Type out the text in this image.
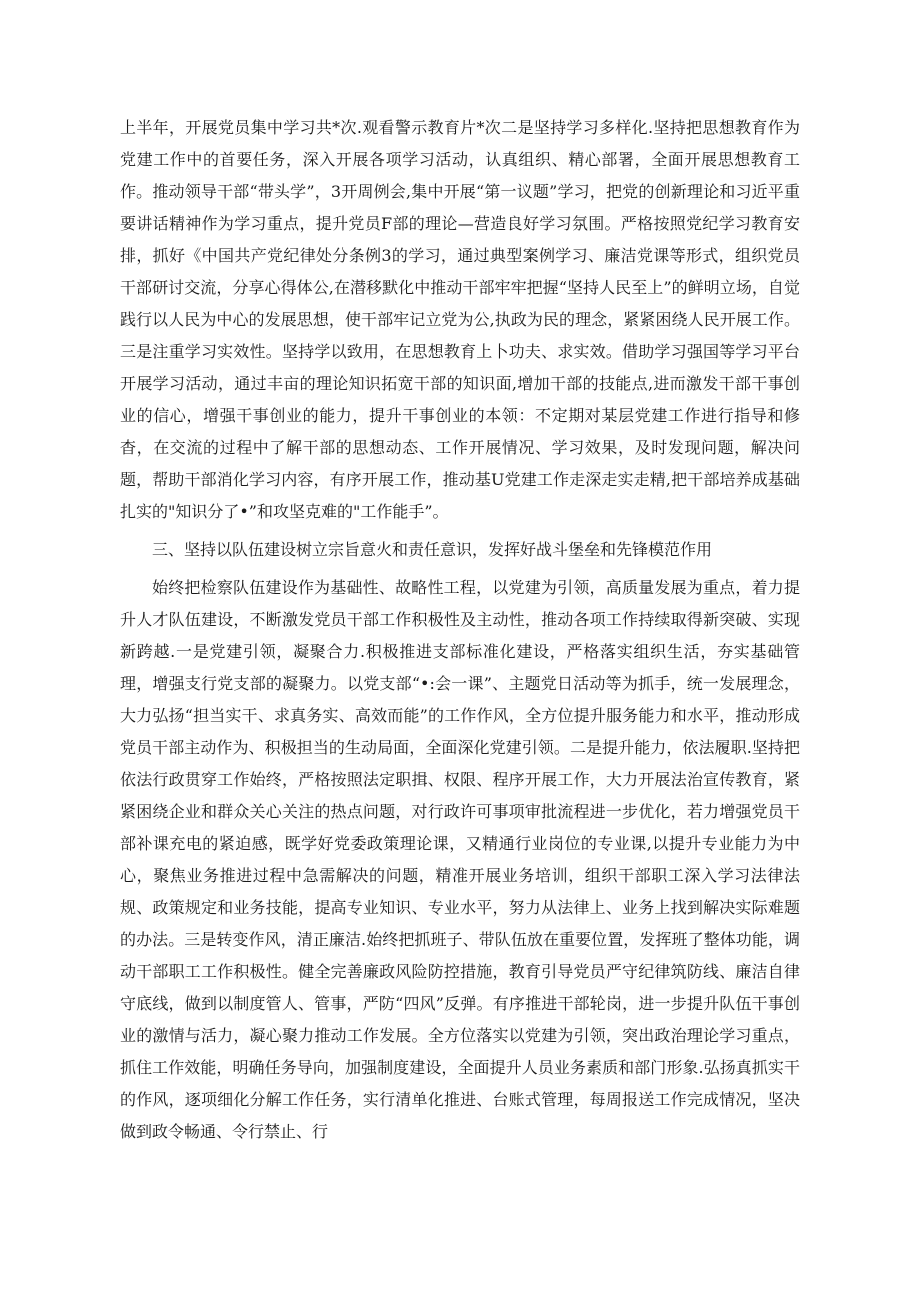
上半年，开展党员集中学习共*次.观看警示教育片*次二是坚持学习多样化.坚持把思想教育作为党建工作中的首要任务，深入开展各项学习活动，认真组织、精心部署，全面开展思想教育工作。推动领导干部“带头学”，3开周例会,集中开展“第一议题”学习，把党的创新理论和习近平重要讲话精神作为学习重点，提升党员F部的理论—营造良好学习氛围。严格按照党纪学习教育安排，抓好《中国共产党纪律处分条例3的学习，通过典型案例学习、廉洁党课等形式，组织党员干部研讨交流，分享心得体公,在潜移默化中推动干部牢牢把握“坚持人民至上”的鲜明立场，自觉践行以人民为中心的发展思想，使干部牢记立党为公,执政为民的理念，紧紧困绕人民开展工作。三是注重学习实效性。坚持学以致用，在思想教育上卜功夫、求实效。借助学习强国等学习平台开展学习活动，通过丰亩的理论知识拓宽干部的知识面,增加干部的技能点,进而激发干部干事创业的信心，增强干事创业的能力，提升干事创业的本领：不定期对某层党建工作进行指导和修杳，在交流的过程中了解干部的思想动态、工作开展情况、学习效果，及时发现问题，解决问题，帮助干部消化学习内容，有序开展工作，推动基U党建工作走深走实走精,把干部培养成基础扎实的"知识分了•”和攻坚克难的"工作能手”。

三、坚持以队伍建设树立宗旨意火和责任意识，发挥好战斗堡垒和先锋模范作用

始终把检察队伍建设作为基础性、故略性工程，以党建为引领，高质量发展为重点，着力提升人才队伍建设，不断激发党员干部工作积极性及主动性，推动各项工作持续取得新突破、实现新跨越.一是党建引领，凝聚合力.积极推进支部标准化建设，严格落实组织生活，夯实基础管理，增强支行党支部的凝聚力。以党支部“•:会一课”、主题党日活动等为抓手，统一发展理念，大力弘扬“担当实干、求真务实、高效而能”的工作作风，全方位提升服务能力和水平，推动形成党员干部主动作为、积极担当的生动局面，全面深化党建引领。二是提升能力，依法履职.坚持把依法行政贯穿工作始终，严格按照法定职揖、权限、程序开展工作，大力开展法治宣传教育，紧紧困绕企业和群众关心关注的热点问题，对行政许可事项审批流程进一步优化，若力增强党员干部补课充电的紧迫感，既学好党委政策理论课，又精通行业岗位的专业课,以提升专业能力为中心，聚焦业务推进过程中急需解决的问题，精准开展业务培训，组织干部职工深入学习法律法规、政策规定和业务技能，提高专业知识、专业水平，努力从法律上、业务上找到解决实际难题的办法。三是转变作风，清正廉洁.始终把抓班子、带队伍放在重要位置，发挥班了整体功能，调动干部职工工作积极性。健全完善廉政风险防控措施，教育引导党员严守纪律筑防线、廉洁自律守底线，做到以制度管人、管事，严防“四风”反弹。有序推进干部轮岗，进一步提升队伍干事创业的激情与活力，凝心聚力推动工作发展。全方位落实以党建为引领，突出政治理论学习重点，抓住工作效能，明确任务导向，加强制度建设，全面提升人员业务素质和部门形象.弘扬真抓实干的作风，逐项细化分解工作任务，实行清单化推进、台账式管理，每周报送工作完成情况，坚决做到政令畅通、令行禁止、行
